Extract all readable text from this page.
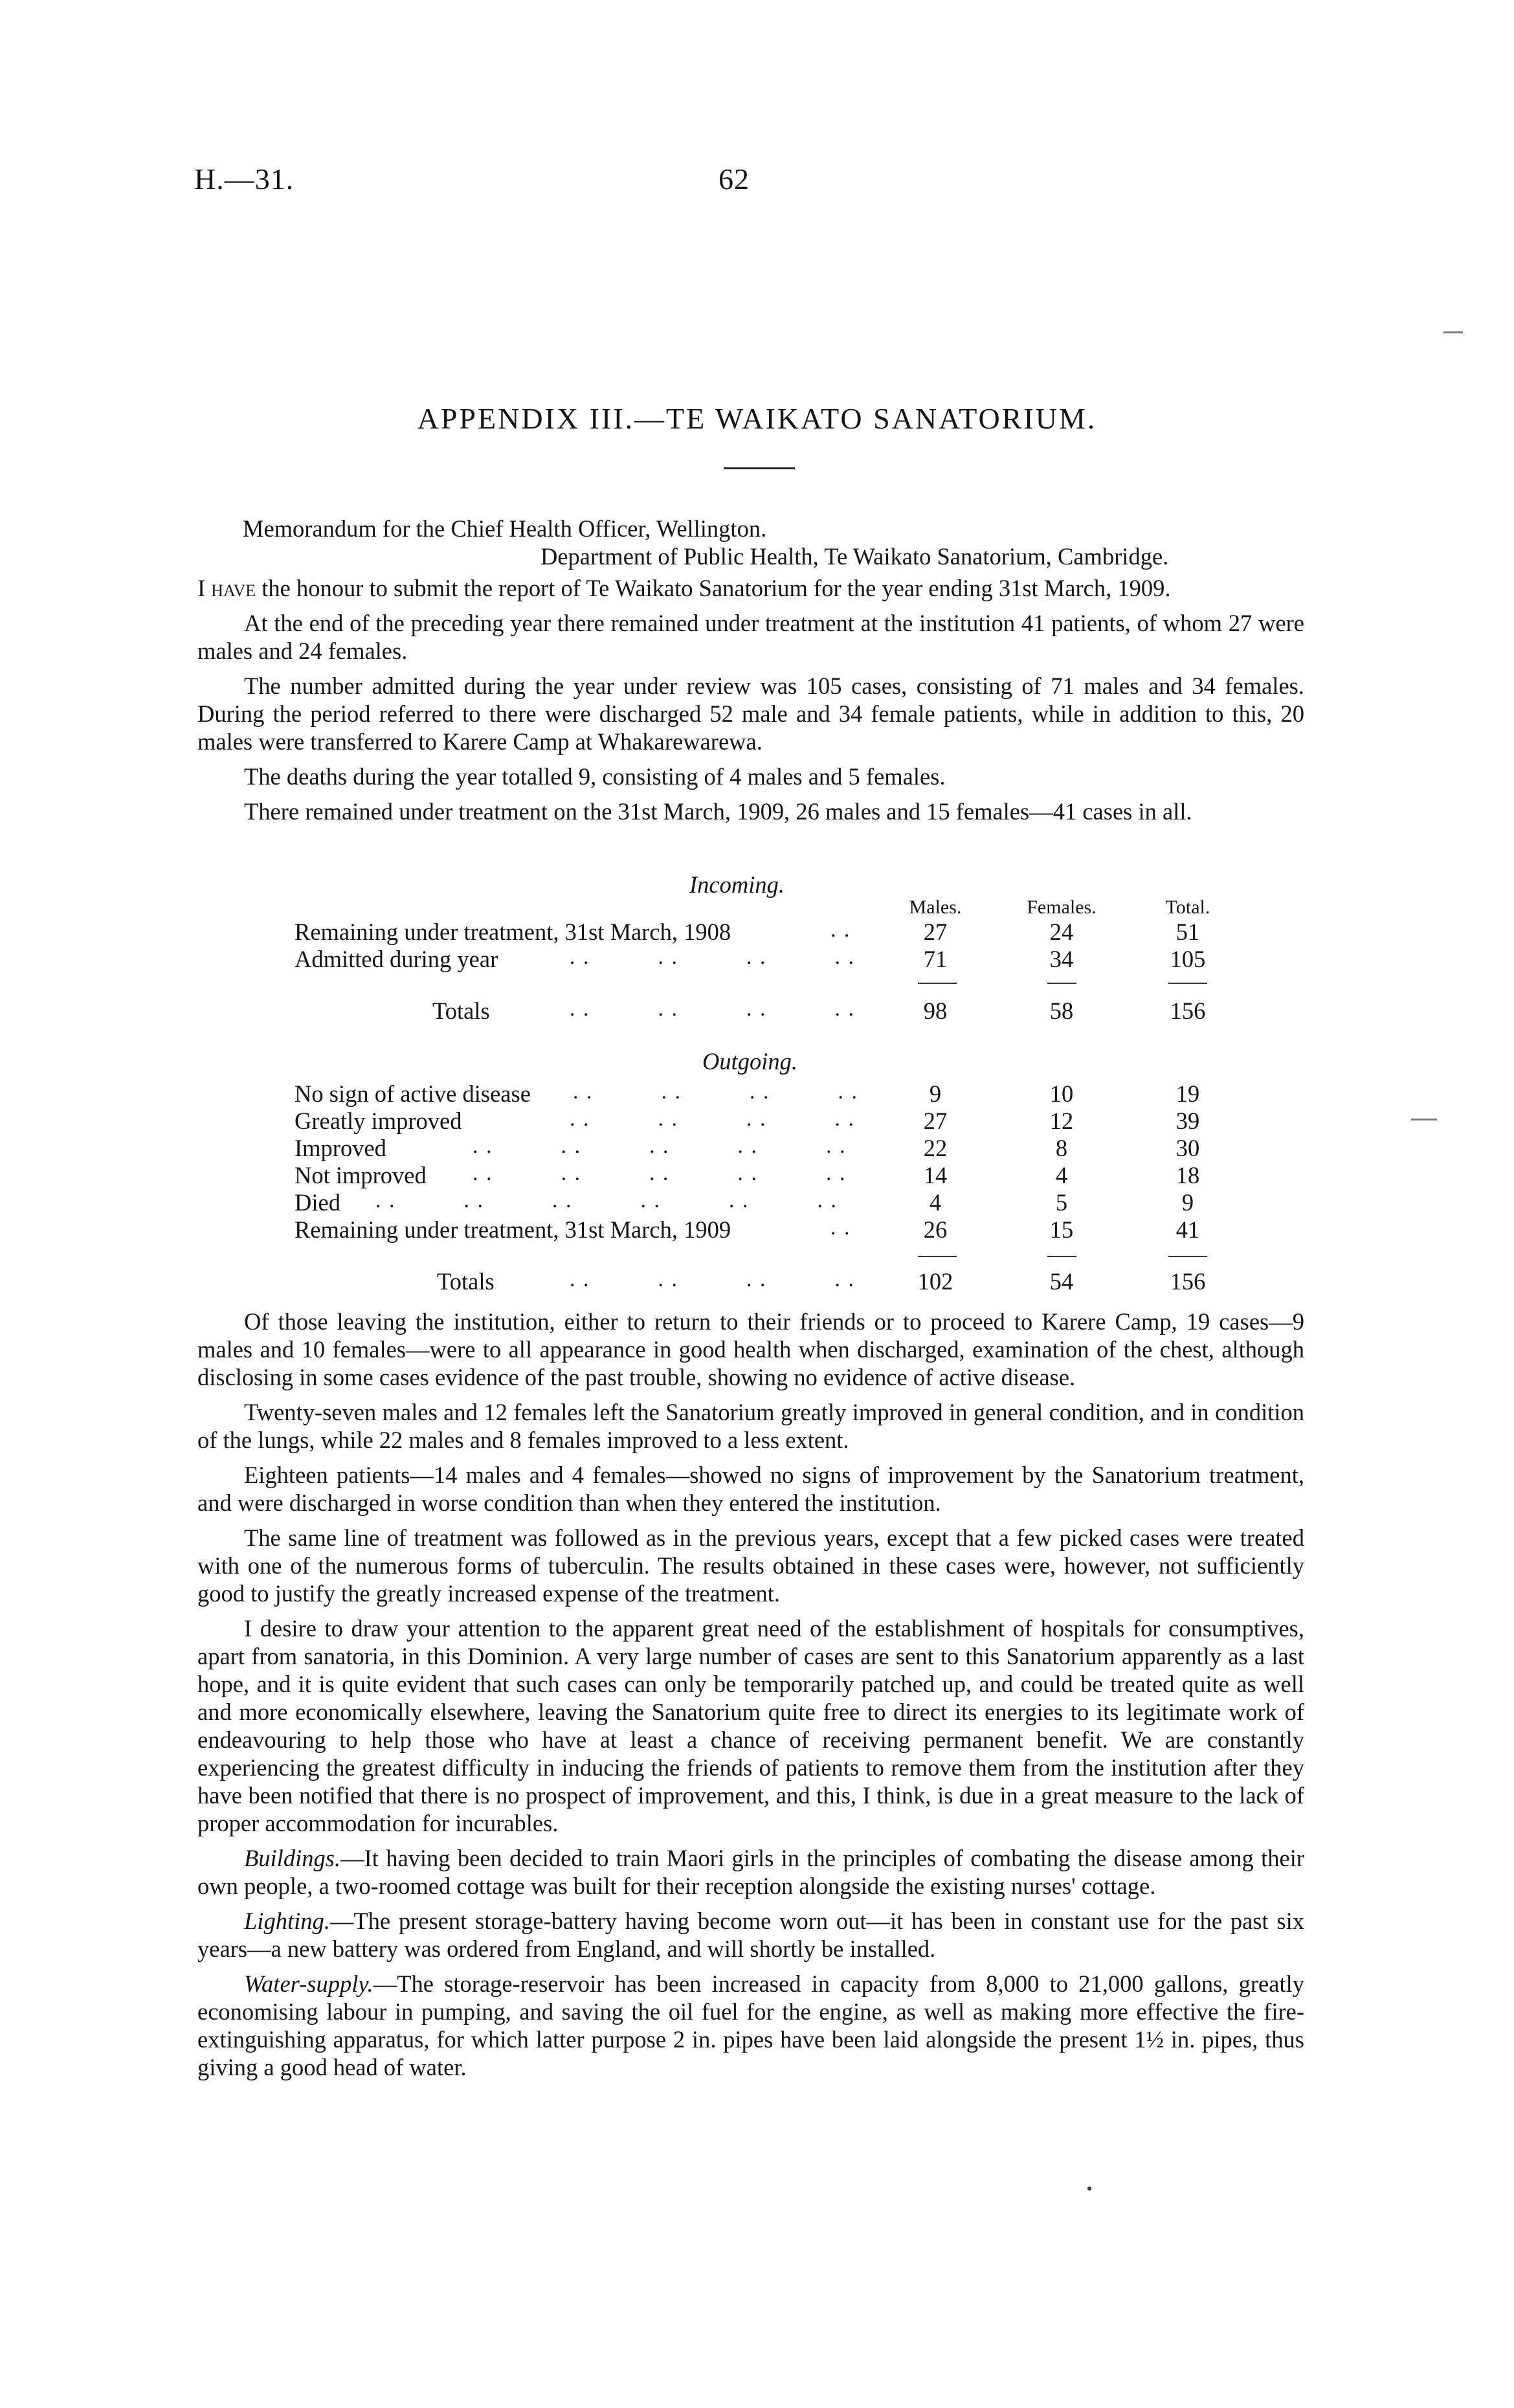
H.—31.	62
APPENDIX III.—TE WAIKATO SANATORIUM.
Memorandum for the Chief Health Officer, Wellington.
Department of Public Health, Te Waikato Sanatorium, Cambridge.

I have the honour to submit the report of Te Waikato Sanatorium for the year ending 31st March, 1909.

At the end of the preceding year there remained under treatment at the institution 41 patients, of whom 27 were males and 24 females.

The number admitted during the year under review was 105 cases, consisting of 71 males and 34 females. During the period referred to there were discharged 52 male and 34 female patients, while in addition to this, 20 males were transferred to Karere Camp at Whakarewarewa.

The deaths during the year totalled 9, consisting of 4 males and 5 females.

There remained under treatment on the 31st March, 1909, 26 males and 15 females—41 cases in all.

Incoming.
Males.	Females.	Total.
Remaining under treatment, 31st March, 1908	. .	27	24	51
Admitted during year	. .          . .          . .          . .	71	34	105
Totals	. .          . .          . .          . .	98	58	156
Outgoing.
No sign of active disease . .          . .          . .          . .	9	10	19
Greatly improved	. .          . .          . .          . .	27	12	39
Improved	. .          . .          . .          . .          . .	22	8	30
Not improved . .          . .          . .          . .          . .	14	4	18
Died . .          . .          . .          . .          . .          . .	4	5	9
Remaining under treatment, 31st March, 1909	. .	26	15	41
Totals	. .          . .          . .          . .	102	54	156

Of those leaving the institution, either to return to their friends or to proceed to Karere Camp, 19 cases—9 males and 10 females—were to all appearance in good health when discharged, examination of the chest, although disclosing in some cases evidence of the past trouble, showing no evidence of active disease.

Twenty-seven males and 12 females left the Sanatorium greatly improved in general condition, and in condition of the lungs, while 22 males and 8 females improved to a less extent.

Eighteen patients—14 males and 4 females—showed no signs of improvement by the Sanatorium treatment, and were discharged in worse condition than when they entered the institution.

The same line of treatment was followed as in the previous years, except that a few picked cases were treated with one of the numerous forms of tuberculin. The results obtained in these cases were, however, not sufficiently good to justify the greatly increased expense of the treatment.

I desire to draw your attention to the apparent great need of the establishment of hospitals for consumptives, apart from sanatoria, in this Dominion. A very large number of cases are sent to this Sanatorium apparently as a last hope, and it is quite evident that such cases can only be temporarily patched up, and could be treated quite as well and more economically elsewhere, leaving the Sanatorium quite free to direct its energies to its legitimate work of endeavouring to help those who have at least a chance of receiving permanent benefit. We are constantly experiencing the greatest difficulty in inducing the friends of patients to remove them from the institution after they have been notified that there is no prospect of improvement, and this, I think, is due in a great measure to the lack of proper accommodation for incurables.

Buildings.—It having been decided to train Maori girls in the principles of combating the disease among their own people, a two-roomed cottage was built for their reception alongside the existing nurses' cottage.

Lighting.—The present storage-battery having become worn out—it has been in constant use for the past six years—a new battery was ordered from England, and will shortly be installed.

Water-supply.—The storage-reservoir has been increased in capacity from 8,000 to 21,000 gallons, greatly economising labour in pumping, and saving the oil fuel for the engine, as well as making more effective the fire-extinguishing apparatus, for which latter purpose 2 in. pipes have been laid alongside the present 1½ in. pipes, thus giving a good head of water.
